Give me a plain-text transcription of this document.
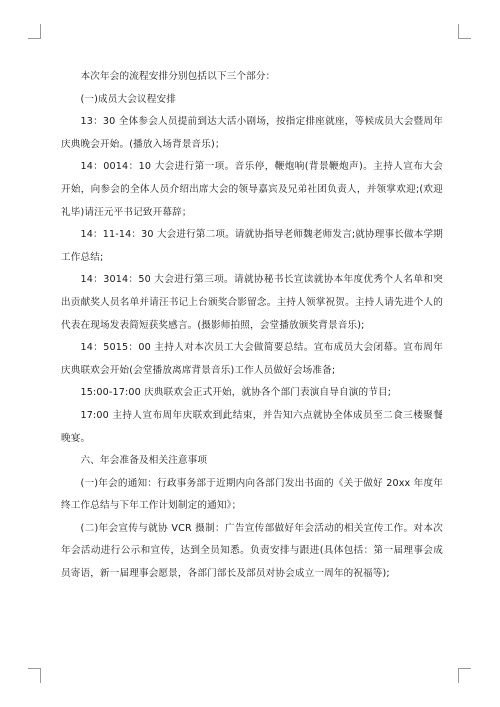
本次年会的流程安排分别包括以下三个部分：

(一)成员大会议程安排

13：30 全体参会人员提前到达大活小剧场，按指定排座就座，等候成员大会暨周年庆典晚会开始。(播放入场背景音乐)；

14：0014：10 大会进行第一项。音乐停，鞭炮响(背景鞭炮声)。主持人宣布大会开始，向参会的全体人员介绍出席大会的领导嘉宾及兄弟社团负责人，并领掌欢迎;(欢迎礼毕)请汪元平书记致开幕辞；

14：11-14：30 大会进行第二项。请就协指导老师魏老师发言;就协理事长做本学期工作总结;

14：3014：50 大会进行第三项。请就协秘书长宣读就协本年度优秀个人名单和突出贡献奖人员名单并请汪书记上台颁奖合影留念。主持人领掌祝贺。主持人请先进个人的代表在现场发表简短获奖感言。(摄影师拍照，会堂播放颁奖背景音乐);

14：5015：00 主持人对本次员工大会做简要总结。宣布成员大会闭幕。宣布周年庆典联欢会开始(会堂播放离席背景音乐)工作人员做好会场准备;

15:00-17:00 庆典联欢会正式开始，就协各个部门表演自导自演的节目;

17:00 主持人宣布周年庆联欢到此结束，并告知六点就协全体成员至二食三楼聚餐晚宴。

六、年会准备及相关注意事项

(一)年会的通知：行政事务部于近期内向各部门发出书面的《关于做好 20xx 年度年终工作总结与下年工作计划制定的通知》；

(二)年会宣传与就协 VCR 摄制：广告宣传部做好年会活动的相关宣传工作。对本次年会活动进行公示和宣传，达到全员知悉。负责安排与跟进(具体包括：第一届理事会成员寄语，新一届理事会愿景，各部门部长及部员对协会成立一周年的祝福等);
